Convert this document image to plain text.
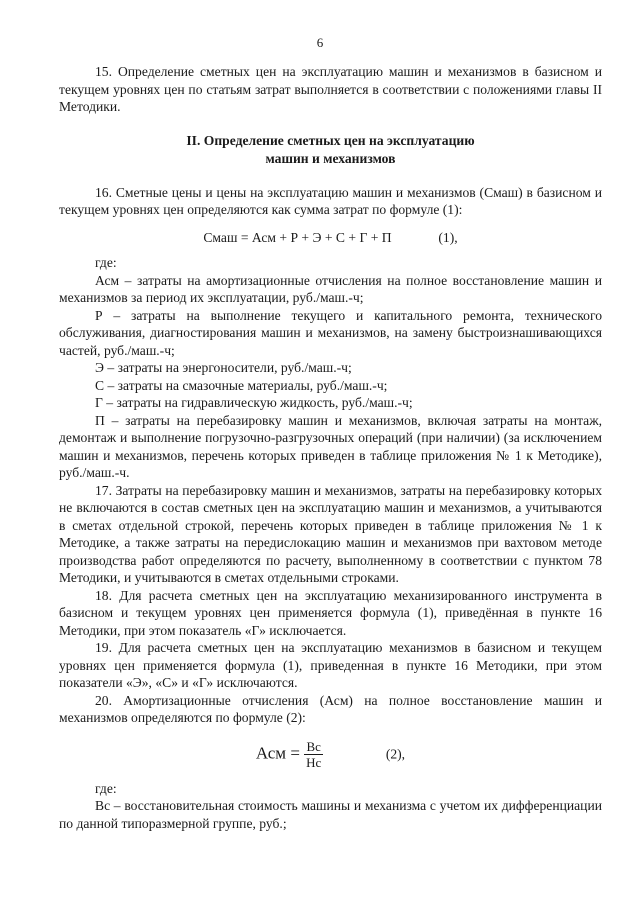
6

15. Определение сметных цен на эксплуатацию машин и механизмов в базисном и текущем уровнях цен по статьям затрат выполняется в соответствии с положениями главы II Методики.

II. Определение сметных цен на эксплуатацию
машин и механизмов

16. Сметные цены и цены на эксплуатацию машин и механизмов (Смаш) в базисном и текущем уровнях цен определяются как сумма затрат по формуле (1):

Смаш = Асм + Р + Э + С + Г + П	(1),
где:

Асм – затраты на амортизационные отчисления на полное восстановление машин и механизмов за период их эксплуатации, руб./маш.-ч;

Р – затраты на выполнение текущего и капитального ремонта, технического обслуживания, диагностирования машин и механизмов, на замену быстроизнашивающихся частей, руб./маш.-ч;

Э – затраты на энергоносители, руб./маш.-ч;

С – затраты на смазочные материалы, руб./маш.-ч;

Г – затраты на гидравлическую жидкость, руб./маш.-ч;

П – затраты на перебазировку машин и механизмов, включая затраты на монтаж, демонтаж и выполнение погрузочно-разгрузочных операций (при наличии) (за исключением машин и механизмов, перечень которых приведен в таблице приложения № 1 к Методике), руб./маш.-ч.

17. Затраты на перебазировку машин и механизмов, затраты на перебазировку которых не включаются в состав сметных цен на эксплуатацию машин и механизмов, а учитываются в сметах отдельной строкой, перечень которых приведен в таблице приложения № 1 к Методике, а также затраты на передислокацию машин и механизмов при вахтовом методе производства работ определяются по расчету, выполненному в соответствии с пунктом 78 Методики, и учитываются в сметах отдельными строками.

18. Для расчета сметных цен на эксплуатацию механизированного инструмента в базисном и текущем уровнях цен применяется формула (1), приведённая в пункте 16 Методики, при этом показатель «Г» исключается.

19. Для расчета сметных цен на эксплуатацию механизмов в базисном и текущем уровнях цен применяется формула (1), приведенная в пункте 16 Методики, при этом показатели «Э», «С» и «Г» исключаются.

20. Амортизационные отчисления (Асм) на полное восстановление машин и механизмов определяются по формуле (2):

Асм = $\frac{Вс}{Нс}$	(2),
где:

Вс – восстановительная стоимость машины и механизма с учетом их дифференциации по данной типоразмерной группе, руб.;
